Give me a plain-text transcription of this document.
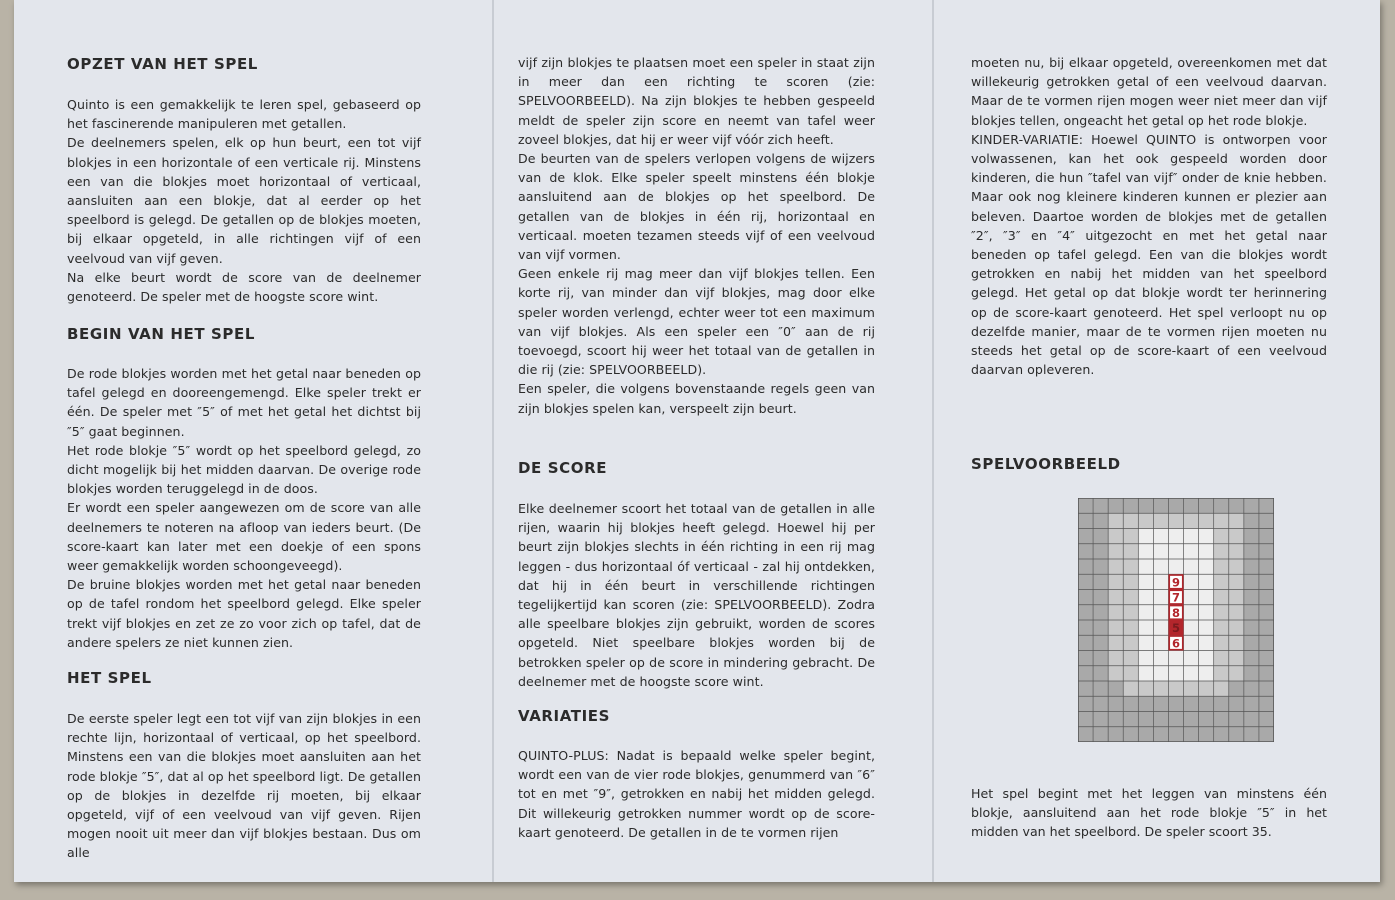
OPZET VAN HET SPEL

Quinto is een gemakkelijk te leren spel, gebaseerd op het fascinerende manipuleren met getallen.

De deelnemers spelen, elk op hun beurt, een tot vijf blokjes in een horizontale of een verticale rij. Minstens een van die blokjes moet horizontaal of verticaal, aansluiten aan een blokje, dat al eerder op het speelbord is gelegd. De getallen op de blokjes moeten, bij elkaar opgeteld, in alle richtingen vijf of een veelvoud van vijf geven.

Na elke beurt wordt de score van de deelnemer genoteerd. De speler met de hoogste score wint.

BEGIN VAN HET SPEL

De rode blokjes worden met het getal naar beneden op tafel gelegd en dooreengemengd. Elke speler trekt er één. De speler met ″5″ of met het getal het dichtst bij ″5″ gaat beginnen.

Het rode blokje ″5″ wordt op het speelbord gelegd, zo dicht mogelijk bij het midden daarvan. De overige rode blokjes worden teruggelegd in de doos.

Er wordt een speler aangewezen om de score van alle deelnemers te noteren na afloop van ieders beurt. (De score-kaart kan later met een doekje of een spons weer gemakkelijk worden schoongeveegd).

De bruine blokjes worden met het getal naar beneden op de tafel rondom het speelbord gelegd. Elke speler trekt vijf blokjes en zet ze zo voor zich op tafel, dat de andere spelers ze niet kunnen zien.

HET SPEL

De eerste speler legt een tot vijf van zijn blokjes in een rechte lijn, horizontaal of verticaal, op het speelbord. Minstens een van die blokjes moet aansluiten aan het rode blokje ″5″, dat al op het speelbord ligt. De getallen op de blokjes in dezelfde rij moeten, bij elkaar opgeteld, vijf of een veelvoud van vijf geven. Rijen mogen nooit uit meer dan vijf blokjes bestaan. Dus om alle

vijf zijn blokjes te plaatsen moet een speler in staat zijn in meer dan een richting te scoren (zie: SPELVOORBEELD). Na zijn blokjes te hebben gespeeld meldt de speler zijn score en neemt van tafel weer zoveel blokjes, dat hij er weer vijf vóór zich heeft.

De beurten van de spelers verlopen volgens de wijzers van de klok. Elke speler speelt minstens één blokje aansluitend aan de blokjes op het speelbord. De getallen van de blokjes in één rij, horizontaal en verticaal. moeten tezamen steeds vijf of een veelvoud van vijf vormen.

Geen enkele rij mag meer dan vijf blokjes tellen. Een korte rij, van minder dan vijf blokjes, mag door elke speler worden verlengd, echter weer tot een maximum van vijf blokjes. Als een speler een ″0″ aan de rij toevoegd, scoort hij weer het totaal van de getallen in die rij (zie: SPELVOORBEELD).

Een speler, die volgens bovenstaande regels geen van zijn blokjes spelen kan, verspeelt zijn beurt.

DE SCORE

Elke deelnemer scoort het totaal van de getallen in alle rijen, waarin hij blokjes heeft gelegd. Hoewel hij per beurt zijn blokjes slechts in één richting in een rij mag leggen - dus horizontaal óf verticaal - zal hij ontdekken, dat hij in één beurt in verschillende richtingen tegelijkertijd kan scoren (zie: SPELVOORBEELD). Zodra alle speelbare blokjes zijn gebruikt, worden de scores opgeteld. Niet speelbare blokjes worden bij de betrokken speler op de score in mindering gebracht. De deelnemer met de hoogste score wint.

VARIATIES

QUINTO-PLUS: Nadat is bepaald welke speler begint, wordt een van de vier rode blokjes, genummerd van ″6″ tot en met ″9″, getrokken en nabij het midden gelegd. Dit willekeurig getrokken nummer wordt op de score-kaart genoteerd. De getallen in de te vormen rijen

moeten nu, bij elkaar opgeteld, overeenkomen met dat willekeurig getrokken getal of een veelvoud daarvan. Maar de te vormen rijen mogen weer niet meer dan vijf blokjes tellen, ongeacht het getal op het rode blokje.

KINDER-VARIATIE: Hoewel QUINTO is ontworpen voor volwassenen, kan het ook gespeeld worden door kinderen, die hun ″tafel van vijf″ onder de knie hebben. Maar ook nog kleinere kinderen kunnen er plezier aan beleven. Daartoe worden de blokjes met de getallen ″2″, ″3″ en ″4″ uitgezocht en met het getal naar beneden op tafel gelegd. Een van die blokjes wordt getrokken en nabij het midden van het speelbord gelegd. Het getal op dat blokje wordt ter herinnering op de score-kaart genoteerd. Het spel verloopt nu op dezelfde manier, maar de te vormen rijen moeten nu steeds het getal op de score-kaart of een veelvoud daarvan opleveren.

SPELVOORBEELD
9
7
8
5
6
Het spel begint met het leggen van minstens één blokje, aansluitend aan het rode blokje ″5″ in het midden van het speelbord. De speler scoort 35.
